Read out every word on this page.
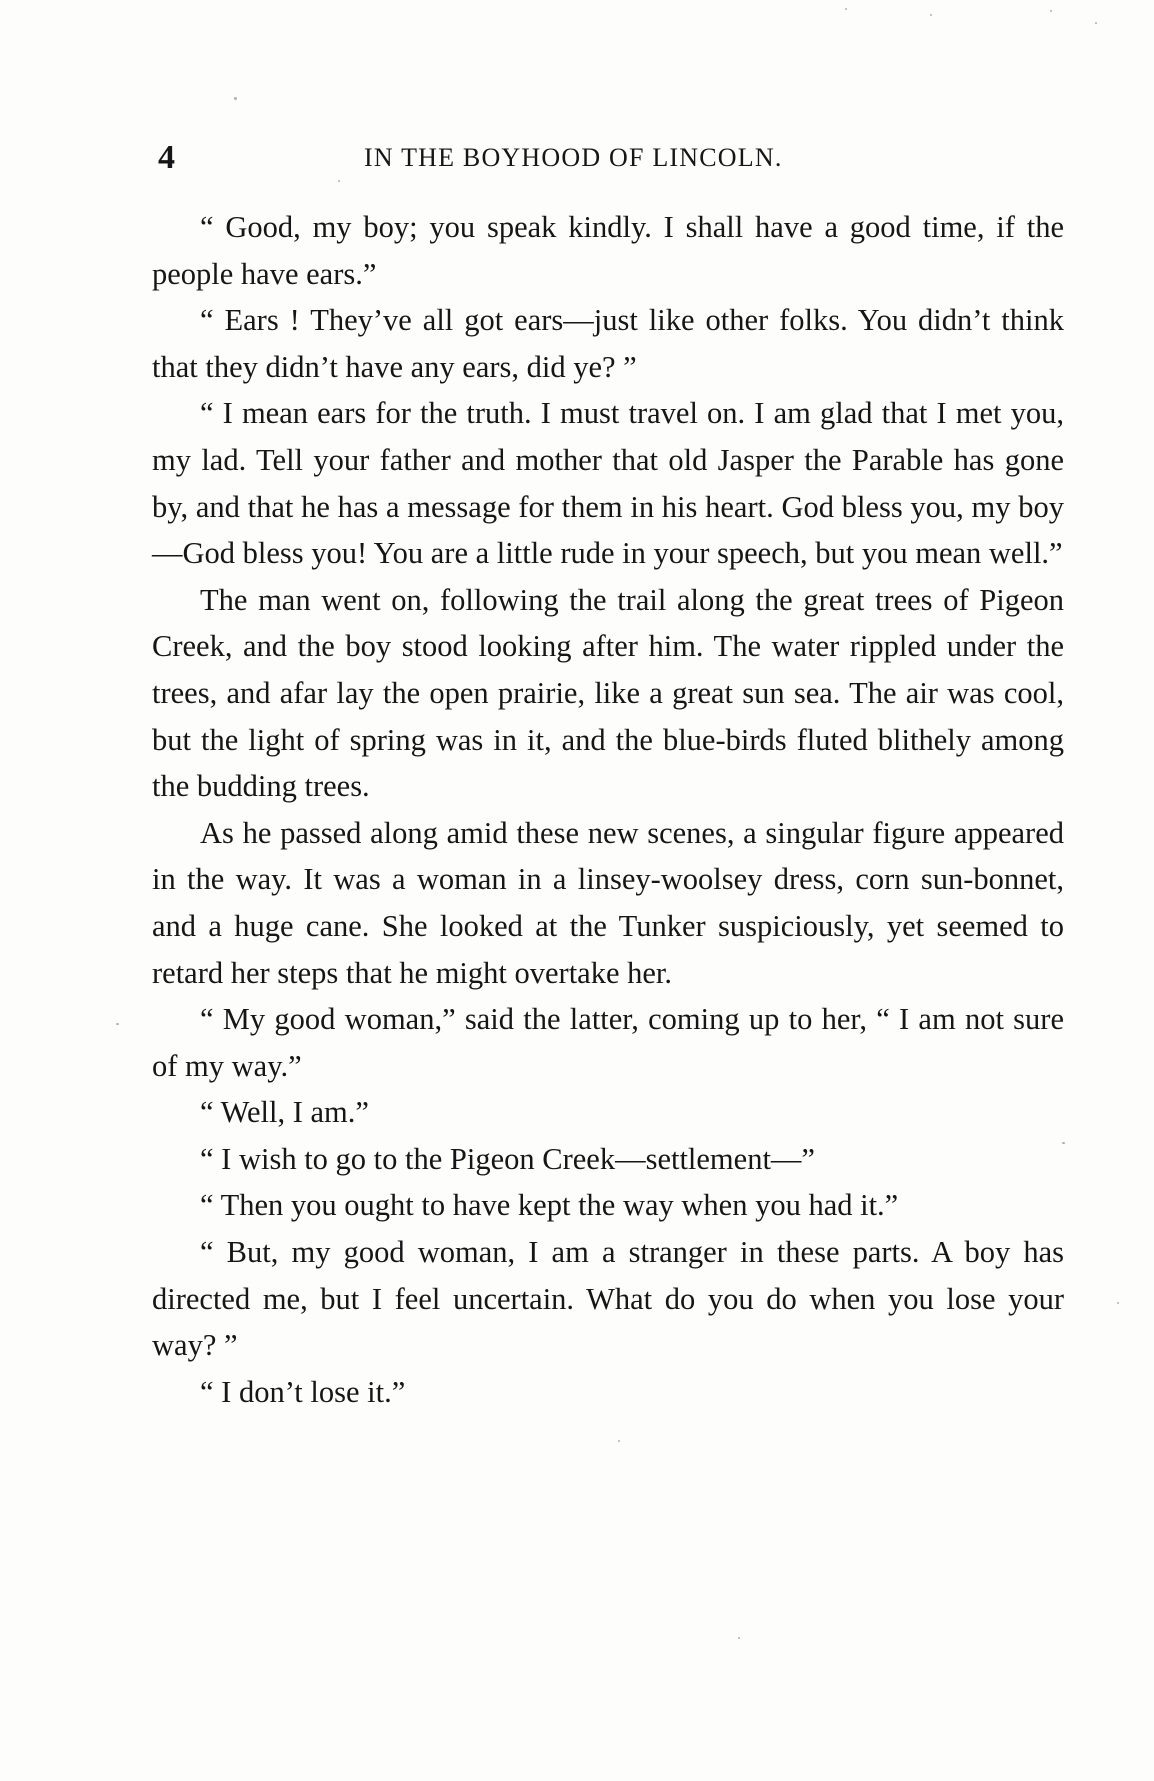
4	IN THE BOYHOOD OF LINCOLN.

“ Good, my boy; you speak kindly. I shall have a good time, if the people have ears.”

“ Ears ! They’ve all got ears—just like other folks. You didn’t think that they didn’t have any ears, did ye? ”

“ I mean ears for the truth. I must travel on. I am glad that I met you, my lad. Tell your father and mother that old Jasper the Parable has gone by, and that he has a message for them in his heart. God bless you, my boy—God bless you! You are a little rude in your speech, but you mean well.”

The man went on, following the trail along the great trees of Pigeon Creek, and the boy stood looking after him. The water rippled under the trees, and afar lay the open prairie, like a great sun sea. The air was cool, but the light of spring was in it, and the blue-birds fluted blithely among the budding trees.

As he passed along amid these new scenes, a singular figure appeared in the way. It was a woman in a linsey-woolsey dress, corn sun-bonnet, and a huge cane. She looked at the Tunker suspiciously, yet seemed to retard her steps that he might overtake her.

“ My good woman,” said the latter, coming up to her, “ I am not sure of my way.”

“ Well, I am.”

“ I wish to go to the Pigeon Creek—settlement—”

“ Then you ought to have kept the way when you had it.”

“ But, my good woman, I am a stranger in these parts. A boy has directed me, but I feel uncertain. What do you do when you lose your way? ”

“ I don’t lose it.”
